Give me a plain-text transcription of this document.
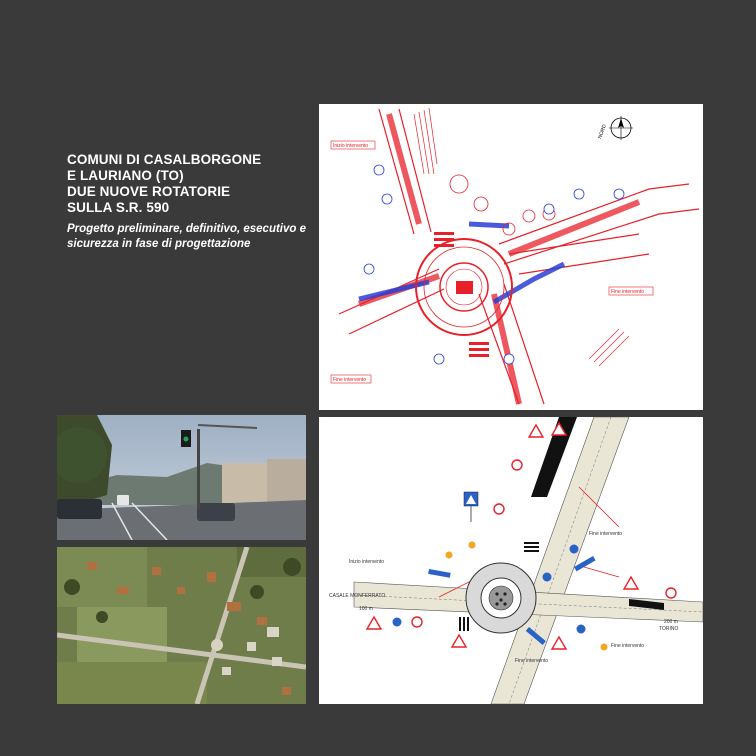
COMUNI DI CASALBORGONE
E LAURIANO (TO)
DUE NUOVE ROTATORIE
SULLA S.R. 590
Progetto preliminare, definitivo, esecutivo e sicurezza in fase di progettazione
NORD
Inizio intervento
Fine intervento
Fine intervento
CASALE MONFERRATO
TORINO
100 m
200 m
Inizio intervento
Fine intervento
Fine intervento
Fine intervento
